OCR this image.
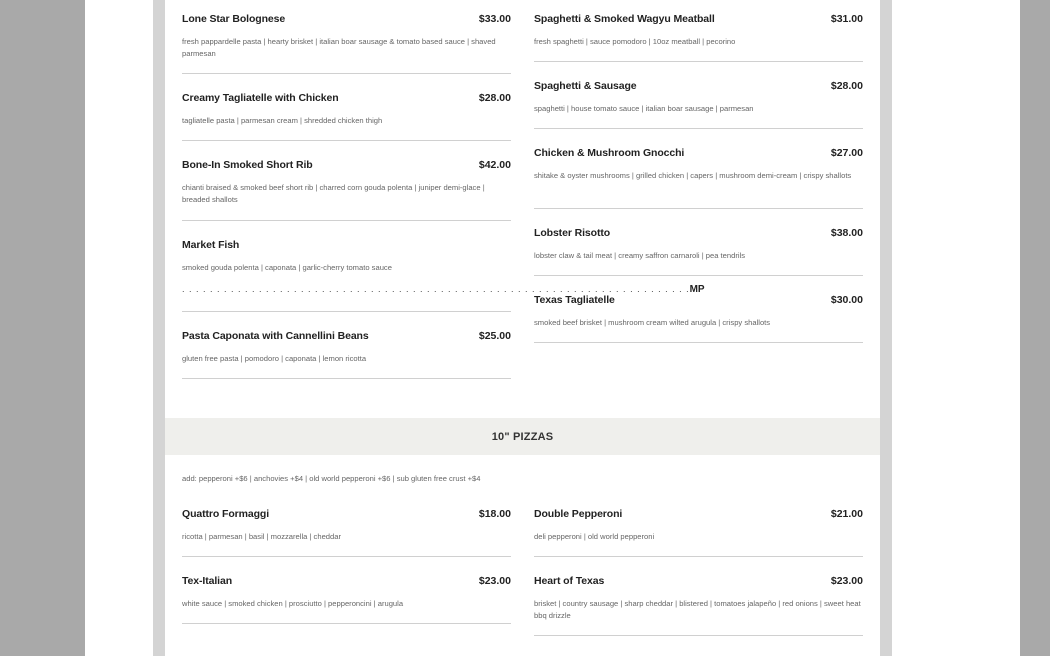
Lone Star Bolognese	$33.00
fresh pappardelle pasta | hearty brisket | italian boar sausage & tomato based sauce | shaved parmesan
Creamy Tagliatelle with Chicken	$28.00
tagliatelle pasta | parmesan cream | shredded chicken thigh
Bone-In Smoked Short Rib	$42.00
chianti braised & smoked beef short rib | charred corn gouda polenta | juniper demi-glace | breaded shallots
Market Fish
smoked gouda polenta | caponata | garlic-cherry tomato sauce
. . . . . . . . . . . . . . . . . . . . . . . . . . . . . . . . . . . . . . . . . . . . . . . . . . . . . . . . . . . . . . . . . . . . . . . . . MP
Pasta Caponata with Cannellini Beans	$25.00
gluten free pasta | pomodoro | caponata | lemon ricotta
Spaghetti & Smoked Wagyu Meatball	$31.00
fresh spaghetti | sauce pomodoro | 10oz meatball | pecorino
Spaghetti & Sausage	$28.00
spaghetti | house tomato sauce | italian boar sausage | parmesan
Chicken & Mushroom Gnocchi	$27.00
shitake & oyster mushrooms | grilled chicken | capers | mushroom demi-cream | crispy shallots
Lobster Risotto	$38.00
lobster claw & tail meat | creamy saffron carnaroli | pea tendrils
Texas Tagliatelle	$30.00
smoked beef brisket | mushroom cream wilted arugula | crispy shallots
10" PIZZAS
add: pepperoni +$6 | anchovies +$4 | old world pepperoni +$6 | sub gluten free crust +$4
Quattro Formaggi	$18.00
ricotta | parmesan | basil | mozzarella | cheddar
Tex-Italian	$23.00
white sauce | smoked chicken | prosciutto | pepperoncini | arugula
Double Pepperoni	$21.00
deli pepperoni | old world pepperoni
Heart of Texas	$23.00
brisket | country sausage | sharp cheddar | blistered | tomatoes jalapeño | red onions | sweet heat bbq drizzle
